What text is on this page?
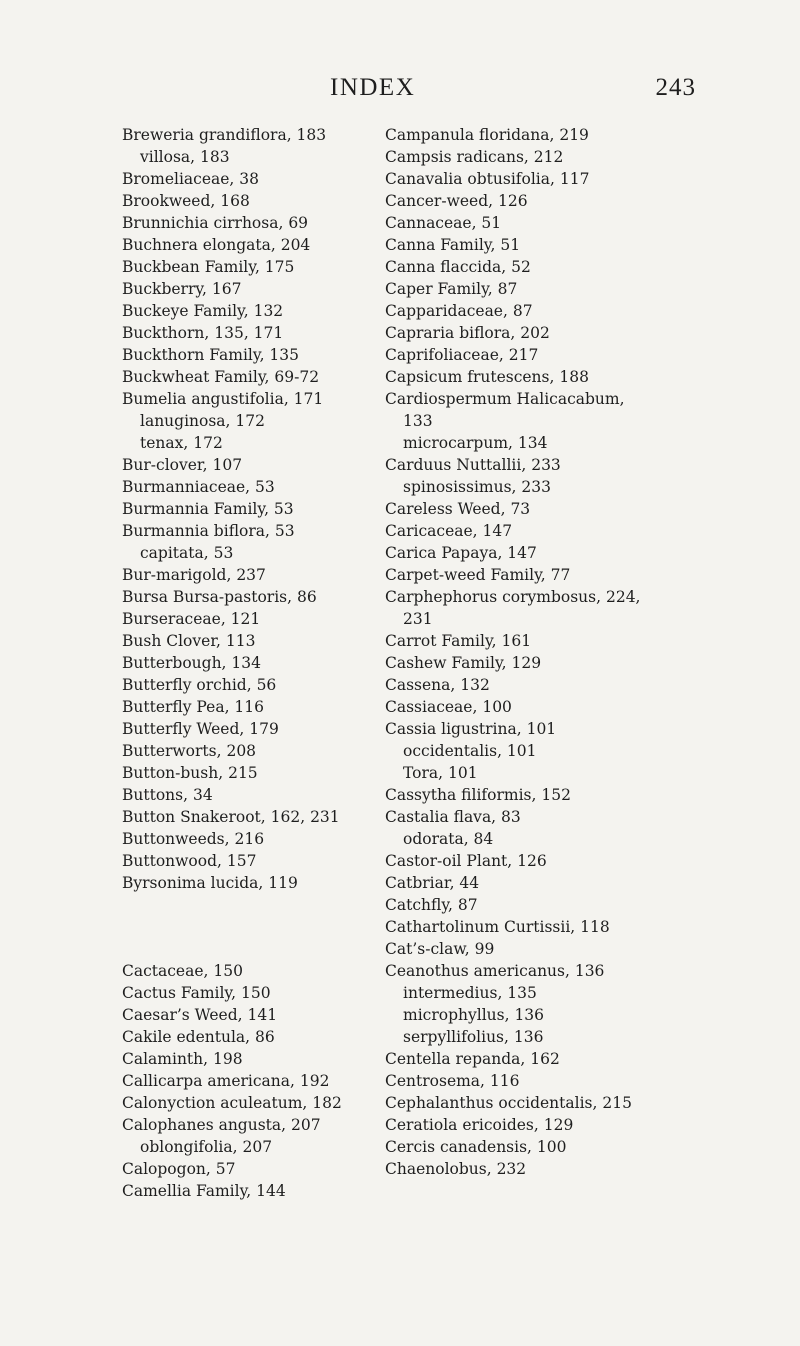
INDEX	243
Breweria grandiflora, 183
villosa, 183
Bromeliaceae, 38
Brookweed, 168
Brunnichia cirrhosa, 69
Buchnera elongata, 204
Buckbean Family, 175
Buckberry, 167
Buckeye Family, 132
Buckthorn, 135, 171
Buckthorn Family, 135
Buckwheat Family, 69-72
Bumelia angustifolia, 171
lanuginosa, 172
tenax, 172
Bur-clover, 107
Burmanniaceae, 53
Burmannia Family, 53
Burmannia biflora, 53
capitata, 53
Bur-marigold, 237
Bursa Bursa-pastoris, 86
Burseraceae, 121
Bush Clover, 113
Butterbough, 134
Butterfly orchid, 56
Butterfly Pea, 116
Butterfly Weed, 179
Butterworts, 208
Button-bush, 215
Buttons, 34
Button Snakeroot, 162, 231
Buttonweeds, 216
Buttonwood, 157
Byrsonima lucida, 119
Cactaceae, 150
Cactus Family, 150
Caesar’s Weed, 141
Cakile edentula, 86
Calaminth, 198
Callicarpa americana, 192
Calonyction aculeatum, 182
Calophanes angusta, 207
oblongifolia, 207
Calopogon, 57
Camellia Family, 144
Campanula floridana, 219
Campsis radicans, 212
Canavalia obtusifolia, 117
Cancer-weed, 126
Cannaceae, 51
Canna Family, 51
Canna flaccida, 52
Caper Family, 87
Capparidaceae, 87
Capraria biflora, 202
Caprifoliaceae, 217
Capsicum frutescens, 188
Cardiospermum Halicacabum,
133
microcarpum, 134
Carduus Nuttallii, 233
spinosissimus, 233
Careless Weed, 73
Caricaceae, 147
Carica Papaya, 147
Carpet-weed Family, 77
Carphephorus corymbosus, 224,
231
Carrot Family, 161
Cashew Family, 129
Cassena, 132
Cassiaceae, 100
Cassia ligustrina, 101
occidentalis, 101
Tora, 101
Cassytha filiformis, 152
Castalia flava, 83
odorata, 84
Castor-oil Plant, 126
Catbriar, 44
Catchfly, 87
Cathartolinum Curtissii, 118
Cat’s-claw, 99
Ceanothus americanus, 136
intermedius, 135
microphyllus, 136
serpyllifolius, 136
Centella repanda, 162
Centrosema, 116
Cephalanthus occidentalis, 215
Ceratiola ericoides, 129
Cercis canadensis, 100
Chaenolobus, 232
